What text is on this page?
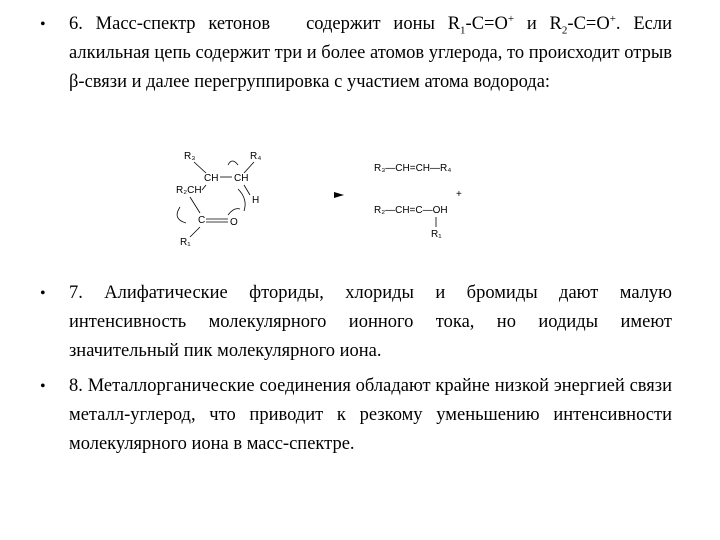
• 6. Масс-спектр кетонов содержит ионы $R_1-C=O^+$ и $R_2-C=O^+$. Если алкильная цепь содержит три и более атомов углерода, то происходит отрыв β-связи и далее перегруппировка с участием атома водорода:
R₃	R₄
CH CH
R₂CH
H
C O
R₁
R₃—CH=CH—R₄
+
R₂—CH=C—OH
R₁
• 7. Алифатические фториды, хлориды и бромиды дают малую интенсивность молекулярного ионного тока, но иодиды имеют значительный пик молекулярного иона.
• 8. Металлорганические соединения обладают крайне низкой энергией связи металл-углерод, что приводит к резкому уменьшению интенсивности молекулярного иона в масс-спектре.
